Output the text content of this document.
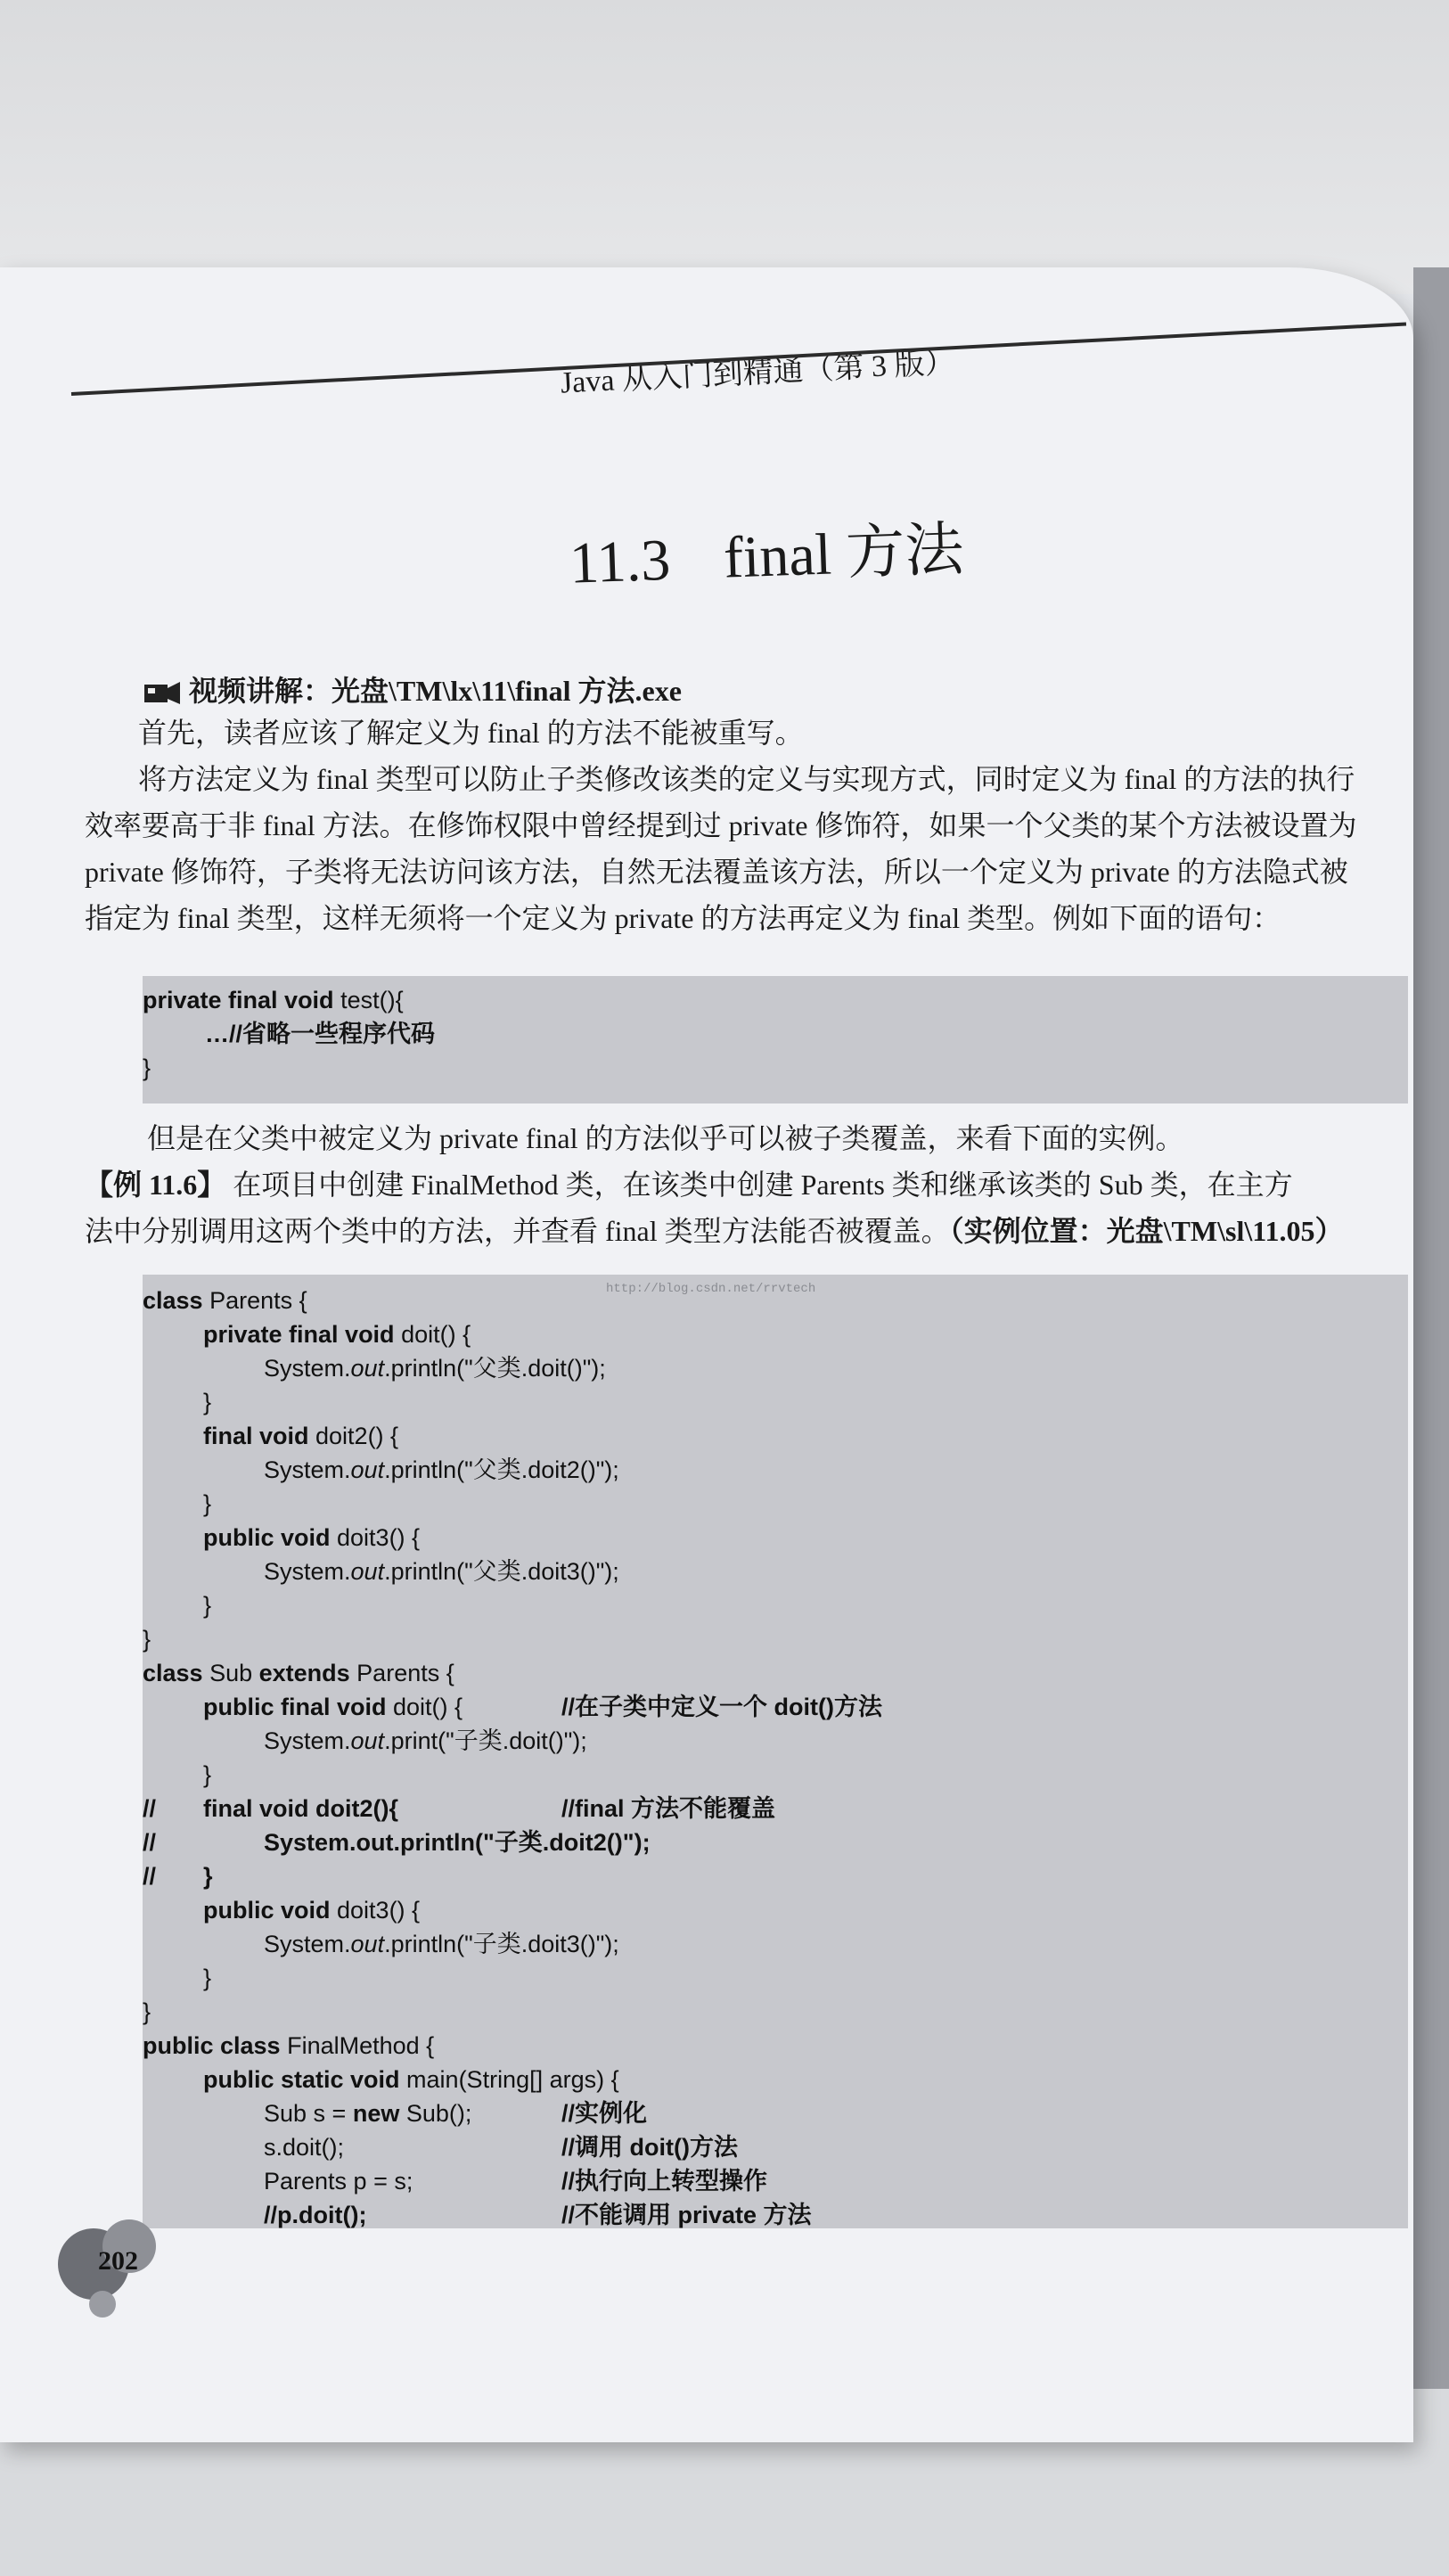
Java 从入门到精通（第 3 版）
11.3 final 方法
视频讲解：光盘\TM\lx\11\final 方法.exe
首先，读者应该了解定义为 final 的方法不能被重写。
将方法定义为 final 类型可以防止子类修改该类的定义与实现方式，同时定义为 final 的方法的执行
效率要高于非 final 方法。在修饰权限中曾经提到过 private 修饰符，如果一个父类的某个方法被设置为
private 修饰符，子类将无法访问该方法，自然无法覆盖该方法，所以一个定义为 private 的方法隐式被
指定为 final 类型，这样无须将一个定义为 private 的方法再定义为 final 类型。例如下面的语句：
private final void test(){
…//省略一些程序代码
}
但是在父类中被定义为 private final 的方法似乎可以被子类覆盖，来看下面的实例。
【例 11.6】 在项目中创建 FinalMethod 类，在该类中创建 Parents 类和继承该类的 Sub 类，在主方
法中分别调用这两个类中的方法，并查看 final 类型方法能否被覆盖。（实例位置：光盘\TM\sl\11.05）
class Parents {
private final void doit() {
System.out.println("父类.doit()");
}
final void doit2() {
System.out.println("父类.doit2()");
}
public void doit3() {
System.out.println("父类.doit3()");
}
}
class Sub extends Parents {
public final void doit() {	//在子类中定义一个 doit()方法
System.out.print("子类.doit()");
}
// final void doit2(){	//final 方法不能覆盖
//	System.out.println("子类.doit2()");
// }
public void doit3() {
System.out.println("子类.doit3()");
}
}
public class FinalMethod {
public static void main(String[] args) {
Sub s = new Sub();	//实例化
s.doit();	//调用 doit()方法
Parents p = s;	//执行向上转型操作
//p.doit();	//不能调用 private 方法
http://blog.csdn.net/rrvtech
202
